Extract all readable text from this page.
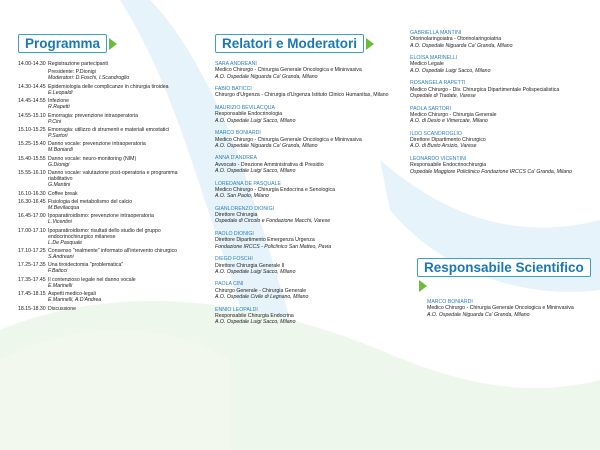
Programma
14.00-14.30 Registrazione partecipanti
Presidente: P.Dionigi
Moderatori: D.Foschi, I.Scandroglio
14.30-14.45 Epidemiologia delle complicanze in chirurgia tiroidea
E.Leopaldi
14.45-14.55 Infezione
R.Rapetti
14.55-15.10 Emorragia: prevenzione intraoperatoria
P.Cini
15.10-15.25 Emorragia: utilizzo di strumenti e materiali emostatici
P.Sartori
15.25-15.40 Danno vocale: prevenzione intraoperatoria
M.Boniardi
15.40-15.55 Danno vocale: neuro-monitoring (NIM)
G.Dionigi
15.55-16.10 Danno vocale: valutazione post-operatoria e programma riabilitativo
G.Mantini
16.10-16.30 Coffee break
16.30-16.45 Fisiologia del metabolismo del calcio
M.Bevilacqua
16.45-17.00 Ipoparatiroidismo: prevenzione intraoperatoria
L.Vicentini
17.00-17.10 Ipoparatiroidismo: risultati dello studio del gruppo endocrinochirurgico milanese
L.De Pasquale
17.10-17.25 Consenso "realmente" informato all'intervento chirurgico
S.Andreani
17.25-17.35 Una tiroidectomia "problematica"
F.Baticci
17.35-17.45 Il contenzioso legale nel danno vocale
E.Marinelli
17.45-18.15 Aspetti medico-legali
E.Marinelli, A.D'Andrea
18.15-18.30 Discussione
Relatori e Moderatori
SARA ANDREANI
Medico Chirurgo - Chirurgia Generale Oncologica e Mininvasiva
A.O. Ospedale Niguarda Ca' Granda, Milano
FABIO BATICCI
Chirurgo d'Urgenza - Chirurgia d'Urgenza Istituto Clinico Humanitas, Milano
MAURIZIO BEVILACQUA
Responsabile Endocrinologia
A.O. Ospedale Luigi Sacco, Milano
MARCO BONIARDI
Medico Chirurgo - Chirurgia Generale Oncologica e Mininvasiva
A.O. Ospedale Niguarda Ca' Granda, Milano
ANNA D'ANDREA
Avvocato - Direzione Amministrativa di Presidio
A.O. Ospedale Luigi Sacco, Milano
LOREDANA DE PASQUALE
Medico Chirurgo - Chirurgia Endocrina e Senologica
A.O. San Paolo, Milano
GIANLORENZO DIONIGI
Direttore Chirurgia
Ospedale di Circolo e Fondazione Macchi, Varese
PAOLO DIONIGI
Direttore Dipartimento Emergenza Urgenza
Fondazione IRCCS - Policlinico San Matteo, Pavia
DIEGO FOSCHI
Direttore Chirurgia Generale II
A.O. Ospedale Luigi Sacco, Milano
PAOLA CINI
Chirurgo Generale - Chirurgia Generale
A.O. Ospedale Civile di Legnano, Milano
ENNIO LEOPALDI
Responsabile Chirurgia Endocrina
A.O. Ospedale Luigi Sacco, Milano
GABRIELLA MANTINI
Otorinolaringoiatra - Otorinolaringoiatria
A.O. Ospedale Niguarda Ca' Granda, Milano
ELOISA MARINELLI
Medico Legale
A.O. Ospedale Luigi Sacco, Milano
ROSANGELA RAPETTI
Medico Chirurgo - Div. Chirurgica Dipartimentale Polispecialistica
Ospedale di Tradate, Varese
PAOLA SARTORI
Medico Chirurgo - Chirurgia Generale
A.O. di Desio e Vimercate, Milano
ILDO SCANDROGLIO
Direttore Dipartimento Chirurgico
A.O. di Busto Arsizio, Varese
LEONARDO VICENTINI
Responsabile Endocrinochirurgia
Ospedale Maggiore Policlinico Fondazione IRCCS Ca' Granda, Milano
Responsabile Scientifico
MARCO BONIARDI
Medico Chirurgo - Chirurgia Generale Oncologica e Mininvasiva
A.O. Ospedale Niguarda Ca' Granda, Milano
